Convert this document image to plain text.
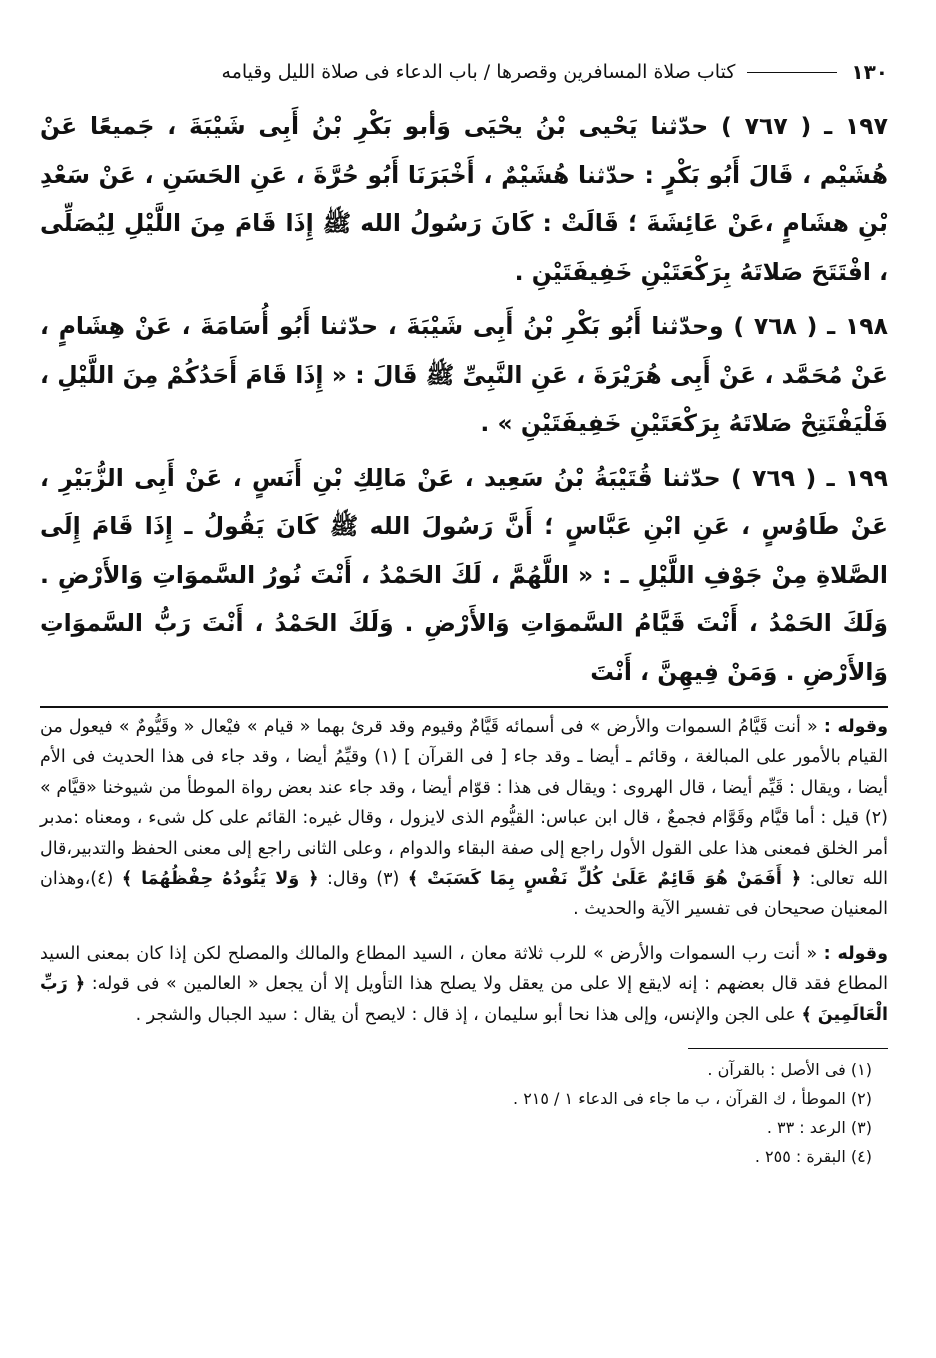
١٣٠
كتاب صلاة المسافرين وقصرها / باب الدعاء فى صلاة الليل وقيامه

١٩٧ ـ ( ٧٦٧ ) حدّثنا يَحْيى بْنُ يحْيَى وَأبو بَكْرِ بْنُ أَبِى شَيْبَةَ ، جَميعًا عَنْ هُشَيْم ، قَالَ أَبُو بَكْرٍ : حدّثنا هُشَيْمٌ ، أَخْبَرَنَا أَبُو حُرَّةَ ، عَنِ الحَسَنِ ، عَنْ سَعْدِ بْنِ هشَامٍ ،عَنْ عَائِشَةَ ؛ قَالَتْ : كَانَ رَسُولُ الله ﷺ إِذَا قَامَ مِنَ اللَّيْلِ لِيُصَلِّى ، افْتَتَحَ صَلاتَهُ بِرَكْعَتَيْنِ خَفِيفَتَيْنِ .

١٩٨ ـ ( ٧٦٨ ) وحدّثنا أَبُو بَكْرِ بْنُ أَبِى شَيْبَةَ ، حدّثنا أَبُو أُسَامَةَ ، عَنْ هِشَامٍ ، عَنْ مُحَمَّد ، عَنْ أَبِى هُرَيْرَةَ ، عَنِ النَّبِىِّ ﷺ قَالَ : « إِذَا قَامَ أَحَدُكُمْ مِنَ اللَّيْلِ ، فَلْيَفْتَتِحْ صَلاتَهُ بِرَكْعَتَيْنِ خَفِيفَتَيْنِ » .

١٩٩ ـ ( ٧٦٩ ) حدّثنا قُتَيْبَةُ بْنُ سَعِيد ، عَنْ مَالِكِ بْنِ أَنَسٍ ، عَنْ أَبِى الزُّبَيْرِ ، عَنْ طَاوُسٍ ، عَنِ ابْنِ عَبَّاسٍ ؛ أَنَّ رَسُولَ الله ﷺ كَانَ يَقُولُ ـ إِذَا قَامَ إِلَى الصَّلاةِ مِنْ جَوْفِ اللَّيْلِ ـ : « اللَّهُمَّ ، لَكَ الحَمْدُ ، أَنْتَ نُورُ السَّموَاتِ وَالأَرْضِ . وَلَكَ الحَمْدُ ، أَنْتَ قَيَّامُ السَّموَاتِ وَالأَرْضِ . وَلَكَ الحَمْدُ ، أَنْتَ رَبُّ السَّموَاتِ وَالأَرْضِ . وَمَنْ فِيهِنَّ ، أَنْتَ

وقوله : « أنت قَيَّامُ السموات والأرض » فى أسمائه قَيَّامٌ وقيوم وقد قرئ بهما « قيام » فيْعال « وقَيُّومٌ » فيعول من القيام بالأمور على المبالغة ، وقائم ـ أيضا ـ وقد جاء [ فى القرآن ] (١) وقيِّمُ أيضا ، وقد جاء فى هذا الحديث فى الأم أيضا ، ويقال : قَيِّم أيضا ، قال الهروى : ويقال فى هذا : قوّام أيضا ، وقد جاء عند بعض رواة الموطأ من شيوخنا «قيَّام » (٢) قيل : أما قيَّام وقَوَّام فجمعٌ ، قال ابن عباس: القيُّوم الذى لايزول ، وقال غيره: القائم على كل شىء ، ومعناه :مدبر أمر الخلق فمعنى هذا على القول الأول راجع إلى صفة البقاء والدوام ، وعلى الثانى راجع إلى معنى الحفظ والتدبير،قال الله تعالى: ﴿ أَفَمَنْ هُوَ قَائِمٌ عَلَىٰ كُلِّ نَفْسٍ بِمَا كَسَبَتْ ﴾ (٣) وقال: ﴿ وَلا يَئُودُهُ حِفْظُهُمَا ﴾ (٤)،وهذان المعنيان صحيحان فى تفسير الآية والحديث .

وقوله : « أنت رب السموات والأرض » للرب ثلاثة معان ، السيد المطاع والمالك والمصلح لكن إذا كان بمعنى السيد المطاع فقد قال بعضهم : إنه لايقع إلا على من يعقل ولا يصلح هذا التأويل إلا أن يجعل « العالمين » فى قوله: ﴿ رَبِّ الْعَالَمِينَ ﴾ على الجن والإنس، وإلى هذا نحا أبو سليمان ، إذ قال : لايصح أن يقال : سيد الجبال والشجر .

(١) فى الأصل : بالقرآن .
(٢) الموطأ ، ك القرآن ، ب ما جاء فى الدعاء ١ / ٢١٥ .
(٣) الرعد : ٣٣ .
(٤) البقرة : ٢٥٥ .
